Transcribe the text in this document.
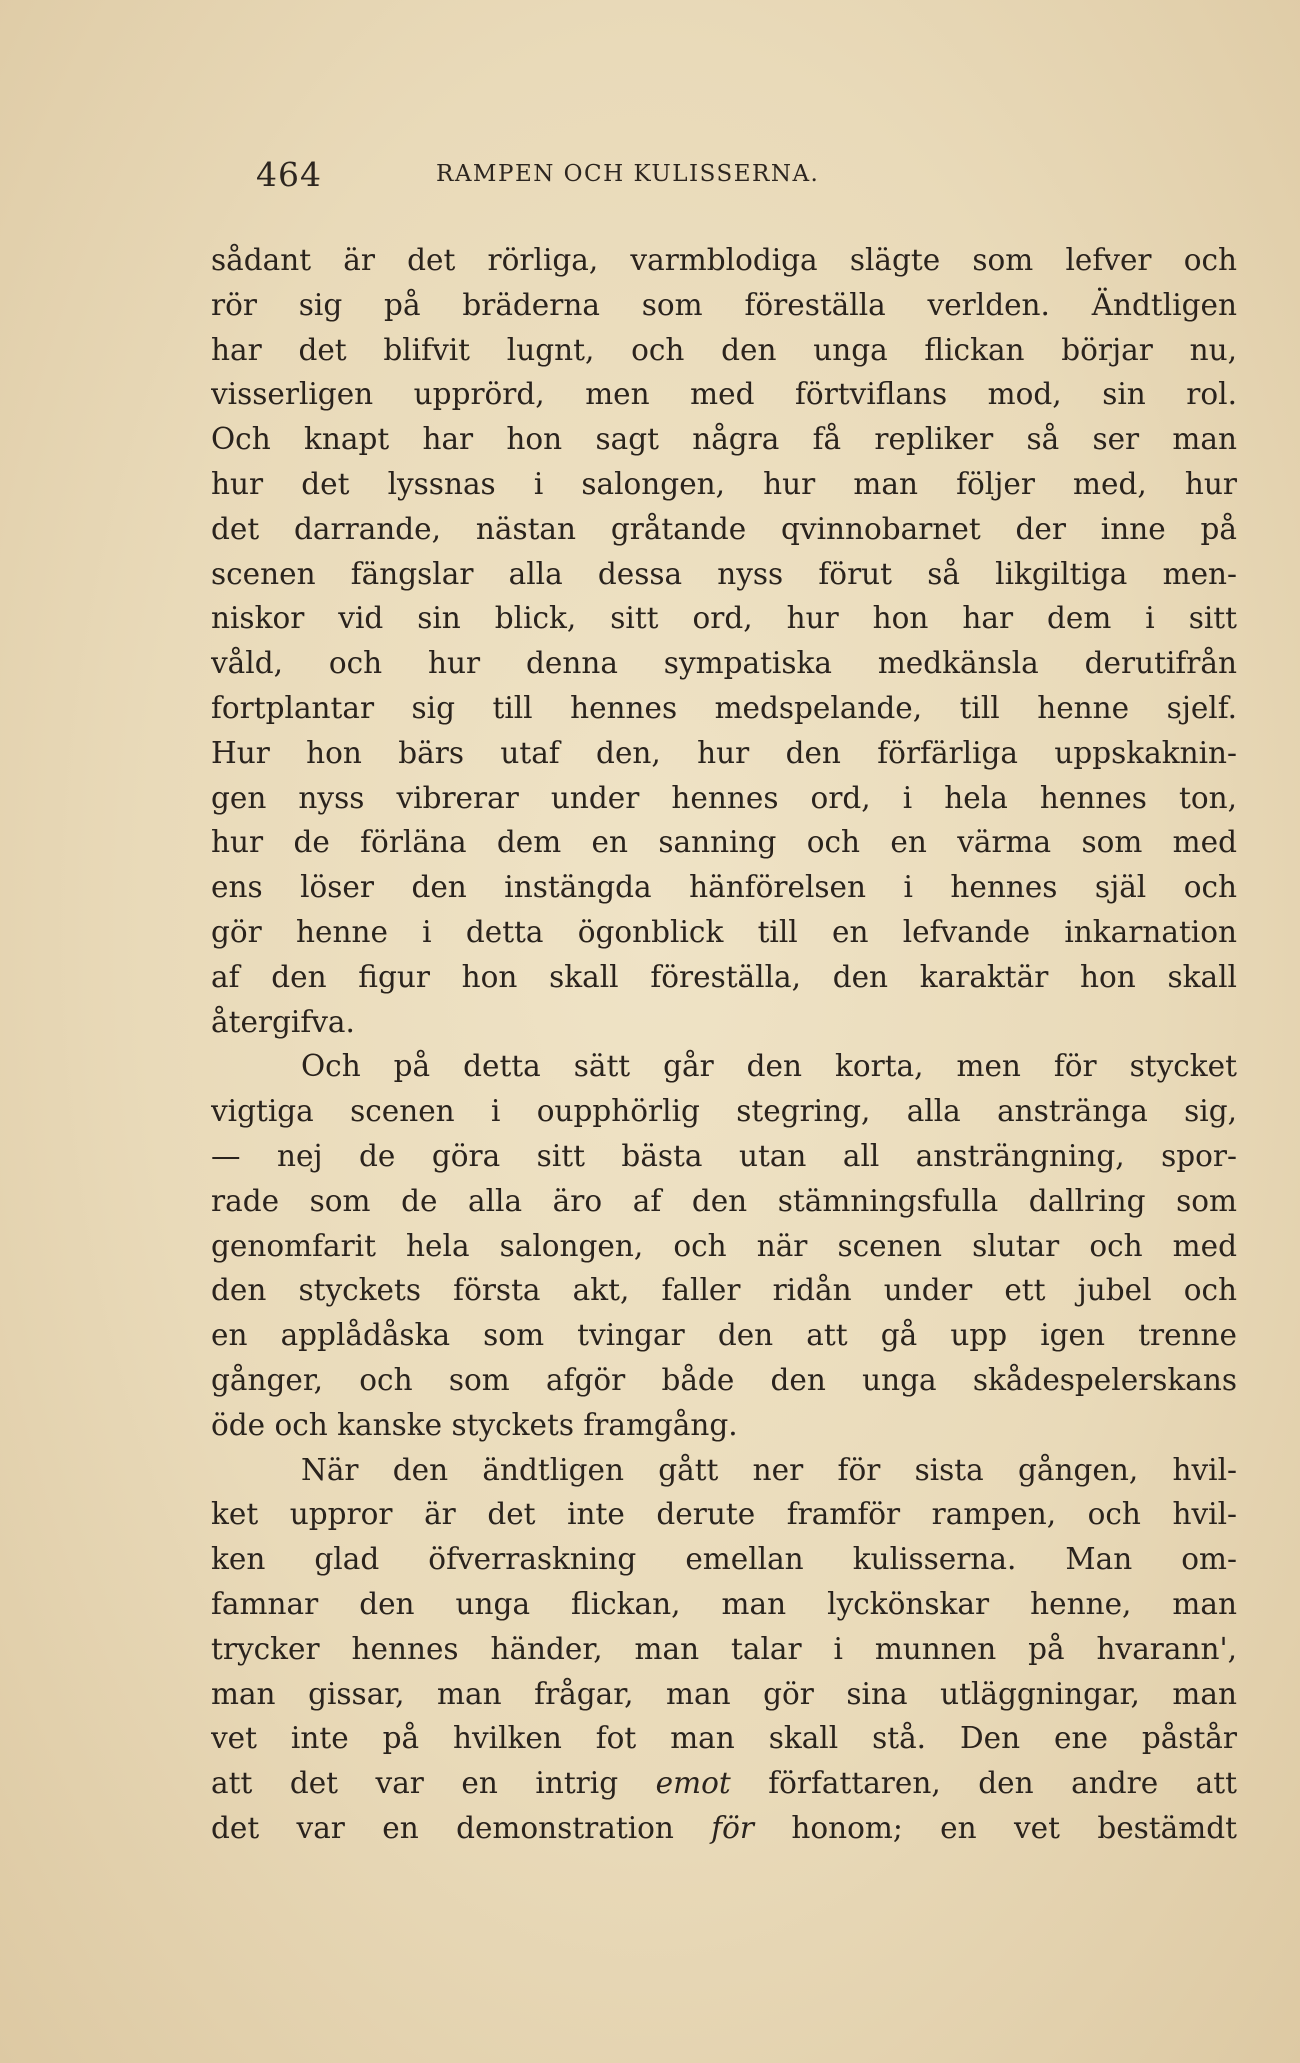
464	RAMPEN OCH KULISSERNA.
sådant är det rörliga, varmblodiga slägte som lefver och
rör sig på bräderna som föreställa verlden. Ändtligen
har det blifvit lugnt, och den unga flickan börjar nu,
visserligen upprörd, men med förtviflans mod, sin rol.
Och knapt har hon sagt några få repliker så ser man
hur det lyssnas i salongen, hur man följer med, hur
det darrande, nästan gråtande qvinnobarnet der inne på
scenen fängslar alla dessa nyss förut så likgiltiga men-
niskor vid sin blick, sitt ord, hur hon har dem i sitt
våld, och hur denna sympatiska medkänsla derutifrån
fortplantar sig till hennes medspelande, till henne sjelf.
Hur hon bärs utaf den, hur den förfärliga uppskaknin-
gen nyss vibrerar under hennes ord, i hela hennes ton,
hur de förläna dem en sanning och en värma som med
ens löser den instängda hänförelsen i hennes själ och
gör henne i detta ögonblick till en lefvande inkarnation
af den figur hon skall föreställa, den karaktär hon skall
återgifva.
Och på detta sätt går den korta, men för stycket
vigtiga scenen i oupphörlig stegring, alla anstränga sig,
— nej de göra sitt bästa utan all ansträngning, spor-
rade som de alla äro af den stämningsfulla dallring som
genomfarit hela salongen, och när scenen slutar och med
den styckets första akt, faller ridån under ett jubel och
en applådåska som tvingar den att gå upp igen trenne
gånger, och som afgör både den unga skådespelerskans
öde och kanske styckets framgång.
När den ändtligen gått ner för sista gången, hvil-
ket uppror är det inte derute framför rampen, och hvil-
ken glad öfverraskning emellan kulisserna. Man om-
famnar den unga flickan, man lyckönskar henne, man
trycker hennes händer, man talar i munnen på hvarann',
man gissar, man frågar, man gör sina utläggningar, man
vet inte på hvilken fot man skall stå. Den ene påstår
att det var en intrig emot författaren, den andre att
det var en demonstration för honom; en vet bestämdt
